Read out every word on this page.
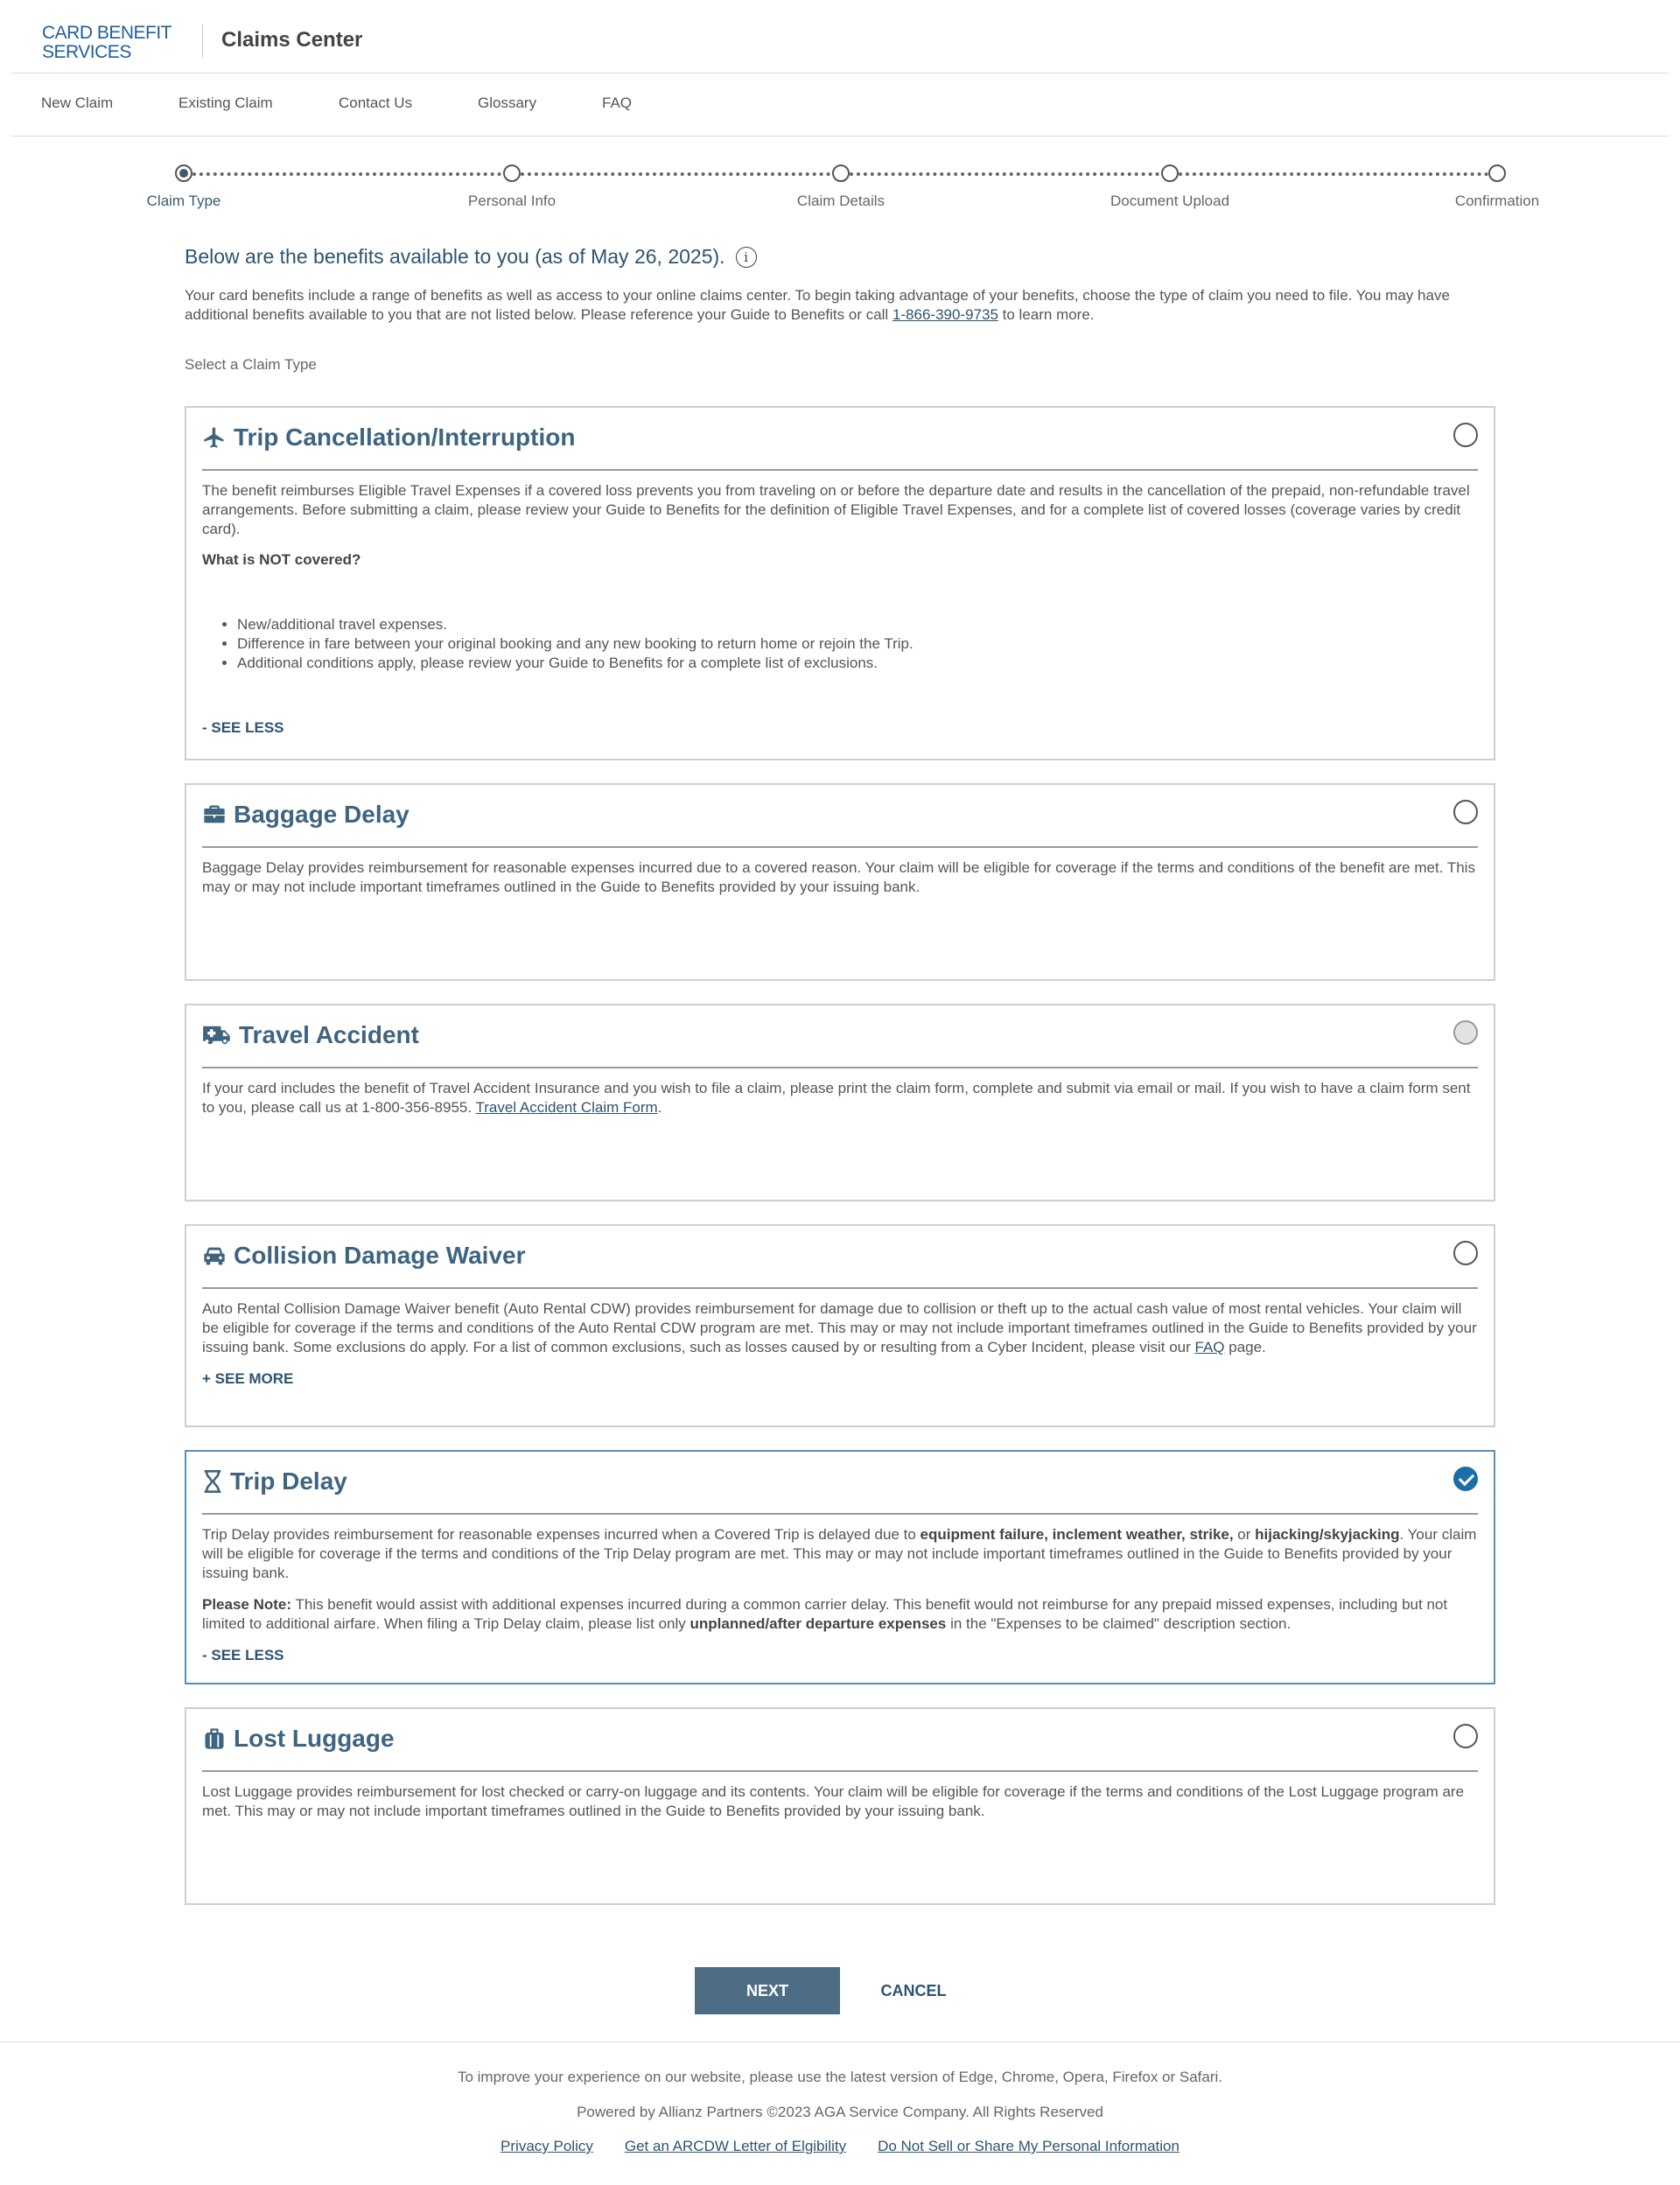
CARD BENEFIT
SERVICES
Claims Center
New Claim	Existing Claim	Contact Us	Glossary	FAQ
Claim Type	Personal Info	Claim Details	Document Upload	Confirmation
Below are the benefits available to you (as of May 26, 2025).	i
Your card benefits include a range of benefits as well as access to your online claims center. To begin taking advantage of your benefits, choose the type of claim you need to file. You may have additional benefits available to you that are not listed below. Please reference your Guide to Benefits or call 1-866-390-9735 to learn more.
Select a Claim Type
Trip Cancellation/Interruption

The benefit reimburses Eligible Travel Expenses if a covered loss prevents you from traveling on or before the departure date and results in the cancellation of the prepaid, non-refundable travel arrangements. Before submitting a claim, please review your Guide to Benefits for the definition of Eligible Travel Expenses, and for a complete list of covered losses (coverage varies by credit card).

What is NOT covered?

• New/additional travel expenses.
• Difference in fare between your original booking and any new booking to return home or rejoin the Trip.
• Additional conditions apply, please review your Guide to Benefits for a complete list of exclusions.
- SEE LESS
Baggage Delay

Baggage Delay provides reimbursement for reasonable expenses incurred due to a covered reason. Your claim will be eligible for coverage if the terms and conditions of the benefit are met. This may or may not include important timeframes outlined in the Guide to Benefits provided by your issuing bank.

Travel Accident

If your card includes the benefit of Travel Accident Insurance and you wish to file a claim, please print the claim form, complete and submit via email or mail. If you wish to have a claim form sent to you, please call us at 1-800-356-8955. Travel Accident Claim Form.

Collision Damage Waiver

Auto Rental Collision Damage Waiver benefit (Auto Rental CDW) provides reimbursement for damage due to collision or theft up to the actual cash value of most rental vehicles. Your claim will be eligible for coverage if the terms and conditions of the Auto Rental CDW program are met. This may or may not include important timeframes outlined in the Guide to Benefits provided by your issuing bank. Some exclusions do apply. For a list of common exclusions, such as losses caused by or resulting from a Cyber Incident, please visit our FAQ page.

+ SEE MORE
Trip Delay

Trip Delay provides reimbursement for reasonable expenses incurred when a Covered Trip is delayed due to equipment failure, inclement weather, strike, or hijacking/skyjacking. Your claim will be eligible for coverage if the terms and conditions of the Trip Delay program are met. This may or may not include important timeframes outlined in the Guide to Benefits provided by your issuing bank.

Please Note: This benefit would assist with additional expenses incurred during a common carrier delay. This benefit would not reimburse for any prepaid missed expenses, including but not limited to additional airfare. When filing a Trip Delay claim, please list only unplanned/after departure expenses in the "Expenses to be claimed" description section.

- SEE LESS
Lost Luggage

Lost Luggage provides reimbursement for lost checked or carry-on luggage and its contents. Your claim will be eligible for coverage if the terms and conditions of the Lost Luggage program are met. This may or may not include important timeframes outlined in the Guide to Benefits provided by your issuing bank.

NEXT	CANCEL
To improve your experience on our website, please use the latest version of Edge, Chrome, Opera, Firefox or Safari.
Powered by Allianz Partners ©2023 AGA Service Company. All Rights Reserved
Privacy Policy Get an ARCDW Letter of Elgibility Do Not Sell or Share My Personal Information
